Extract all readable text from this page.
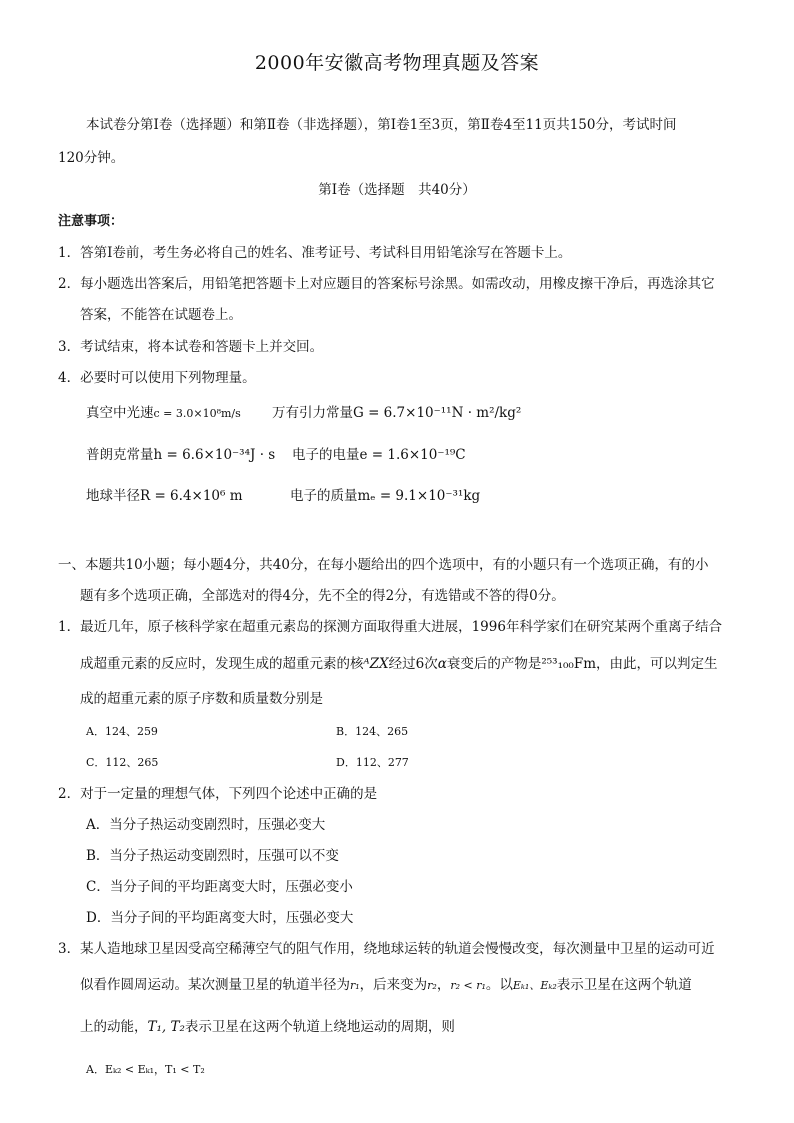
2000年安徽高考物理真题及答案
本试卷分第Ⅰ卷（选择题）和第Ⅱ卷（非选择题），第Ⅰ卷1至3页，第Ⅱ卷4至11页共150分，考试时间
120分钟。
第Ⅰ卷（选择题　共40分）
注意事项：
1．答第Ⅰ卷前，考生务必将自己的姓名、准考证号、考试科目用铅笔涂写在答题卡上。
2．每小题选出答案后，用铅笔把答题卡上对应题目的答案标号涂黑。如需改动，用橡皮擦干净后，再选涂其它
答案，不能答在试题卷上。
3．考试结束，将本试卷和答题卡上并交回。
4．必要时可以使用下列物理量。
真空中光速c = 3.0×10⁸m/s 万有引力常量G = 6.7×10⁻¹¹N · m²/kg²
普朗克常量h = 6.6×10⁻³⁴J · s 电子的电量e = 1.6×10⁻¹⁹C
地球半径R = 6.4×10⁶ m	电子的质量mₑ = 9.1×10⁻³¹kg
一、本题共10小题；每小题4分，共40分，在每小题给出的四个选项中，有的小题只有一个选项正确，有的小
题有多个选项正确，全部选对的得4分，先不全的得2分，有选错或不答的得0分。
1．最近几年，原子核科学家在超重元素岛的探测方面取得重大进展，1996年科学家们在研究某两个重离子结合
成超重元素的反应时，发现生成的超重元素的核ᴬZX经过6次α衰变后的产物是²⁵³₁₀₀Fm，由此，可以判定生
成的超重元素的原子序数和质量数分别是
A．124、259	B．124、265
C．112、265	D．112、277
2．对于一定量的理想气体，下列四个论述中正确的是
A．当分子热运动变剧烈时，压强必变大
B．当分子热运动变剧烈时，压强可以不变
C．当分子间的平均距离变大时，压强必变小
D．当分子间的平均距离变大时，压强必变大
3．某人造地球卫星因受高空稀薄空气的阻气作用，绕地球运转的轨道会慢慢改变，每次测量中卫星的运动可近
似看作圆周运动。某次测量卫星的轨道半径为r₁，后来变为r₂，r₂ < r₁。以Eₖ₁、Eₖ₂表示卫星在这两个轨道
上的动能，T₁, T₂表示卫星在这两个轨道上绕地运动的周期，则
A．Eₖ₂ < Eₖ₁，T₁ < T₂
